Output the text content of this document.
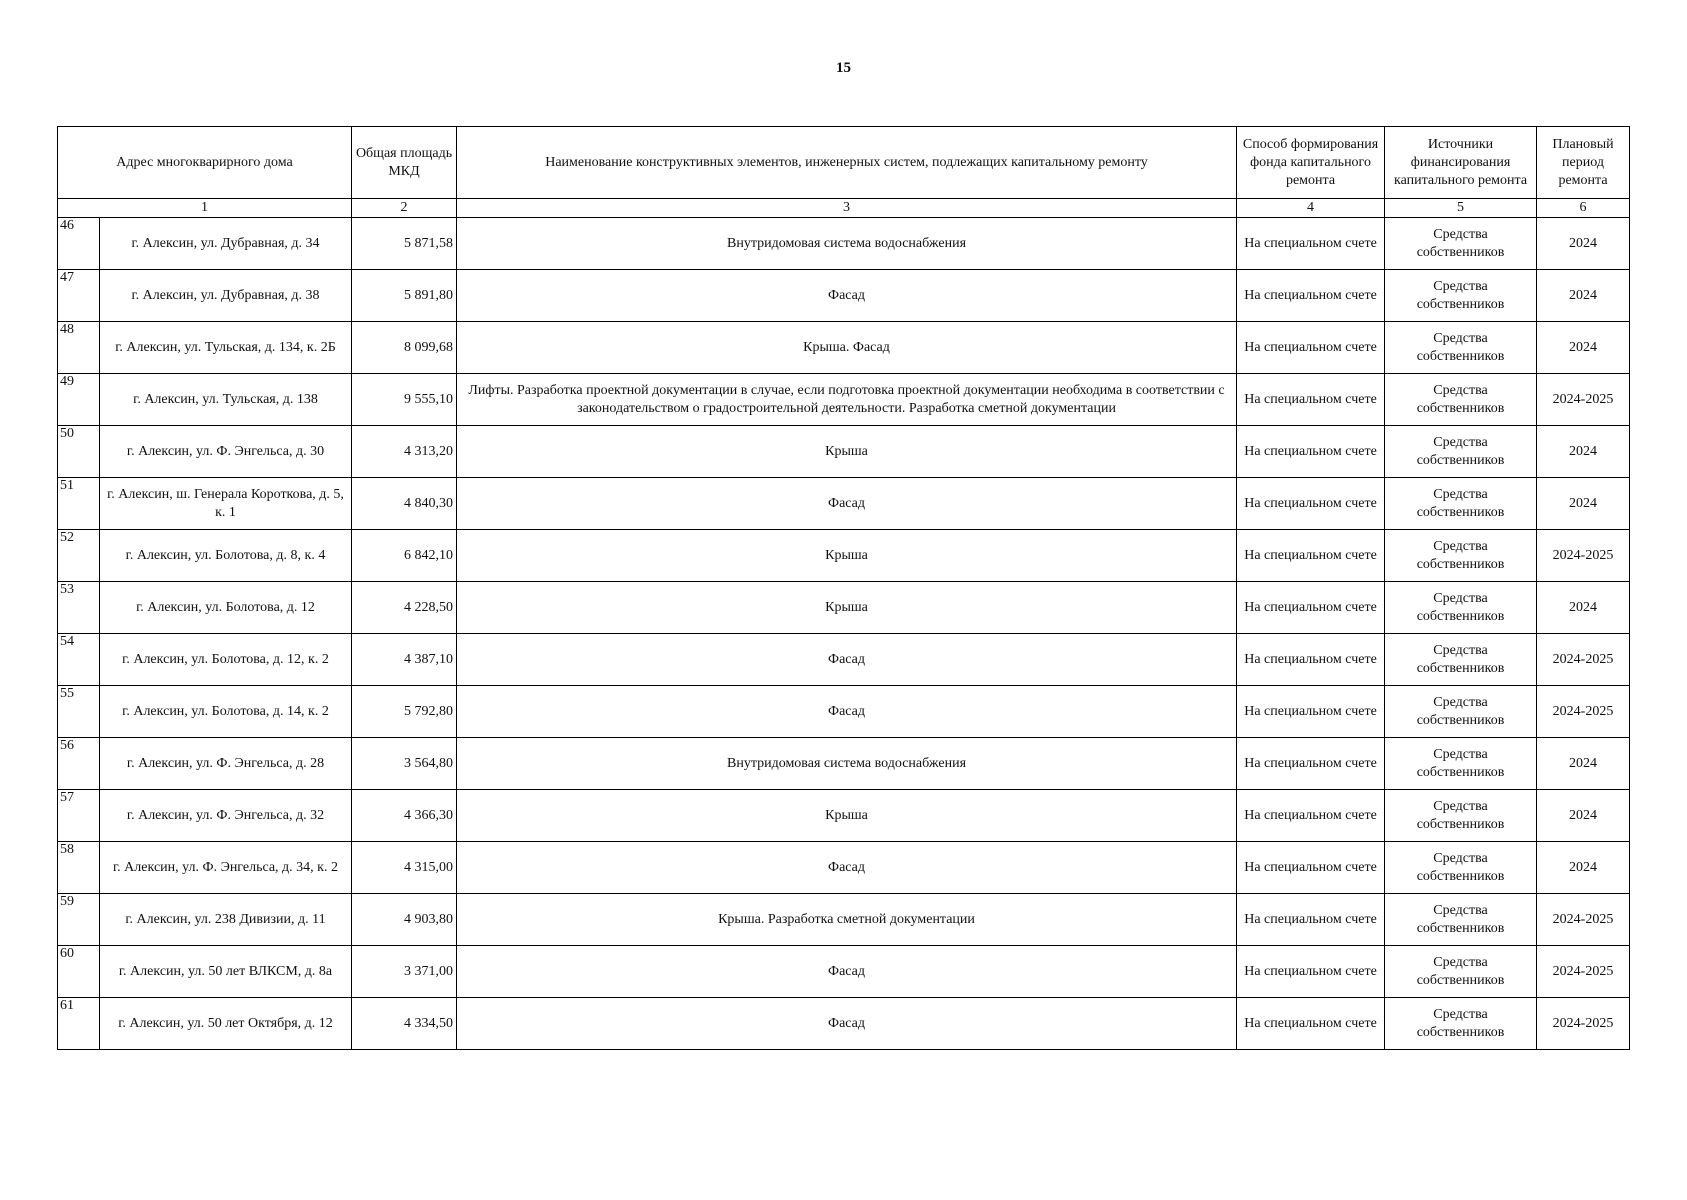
15
Адрес многокварирного дома		Общая площадь МКД	Наименование конструктивных элементов, инженерных систем, подлежащих капитальному ремонту	Способ формирования фонда капитального ремонта	Источники финансирования капитального ремонта	Плановый период ремонта
1		2	3	4	5	6
46	г. Алексин, ул. Дубравная, д. 34	5 871,58	Внутридомовая система водоснабжения	На специальном счете	Средства собственников	2024
47	г. Алексин, ул. Дубравная, д. 38	5 891,80	Фасад	На специальном счете	Средства собственников	2024
48	г. Алексин, ул. Тульская, д. 134, к. 2Б	8 099,68	Крыша. Фасад	На специальном счете	Средства собственников	2024
49	г. Алексин, ул. Тульская, д. 138	9 555,10	Лифты. Разработка проектной документации в случае, если подготовка проектной документации необходима в соответствии с законодательством о градостроительной деятельности. Разработка сметной документации	На специальном счете	Средства собственников	2024-2025
50	г. Алексин, ул. Ф. Энгельса, д. 30	4 313,20	Крыша	На специальном счете	Средства собственников	2024
51	г. Алексин, ш. Генерала Короткова, д. 5, к. 1	4 840,30	Фасад	На специальном счете	Средства собственников	2024
52	г. Алексин, ул. Болотова, д. 8, к. 4	6 842,10	Крыша	На специальном счете	Средства собственников	2024-2025
53	г. Алексин, ул. Болотова, д. 12	4 228,50	Крыша	На специальном счете	Средства собственников	2024
54	г. Алексин, ул. Болотова, д. 12, к. 2	4 387,10	Фасад	На специальном счете	Средства собственников	2024-2025
55	г. Алексин, ул. Болотова, д. 14, к. 2	5 792,80	Фасад	На специальном счете	Средства собственников	2024-2025
56	г. Алексин, ул. Ф. Энгельса, д. 28	3 564,80	Внутридомовая система водоснабжения	На специальном счете	Средства собственников	2024
57	г. Алексин, ул. Ф. Энгельса, д. 32	4 366,30	Крыша	На специальном счете	Средства собственников	2024
58	г. Алексин, ул. Ф. Энгельса, д. 34, к. 2	4 315,00	Фасад	На специальном счете	Средства собственников	2024
59	г. Алексин, ул. 238 Дивизии, д. 11	4 903,80	Крыша. Разработка сметной документации	На специальном счете	Средства собственников	2024-2025
60	г. Алексин, ул. 50 лет ВЛКСМ, д. 8а	3 371,00	Фасад	На специальном счете	Средства собственников	2024-2025
61	г. Алексин, ул. 50 лет Октября, д. 12	4 334,50	Фасад	На специальном счете	Средства собственников	2024-2025
